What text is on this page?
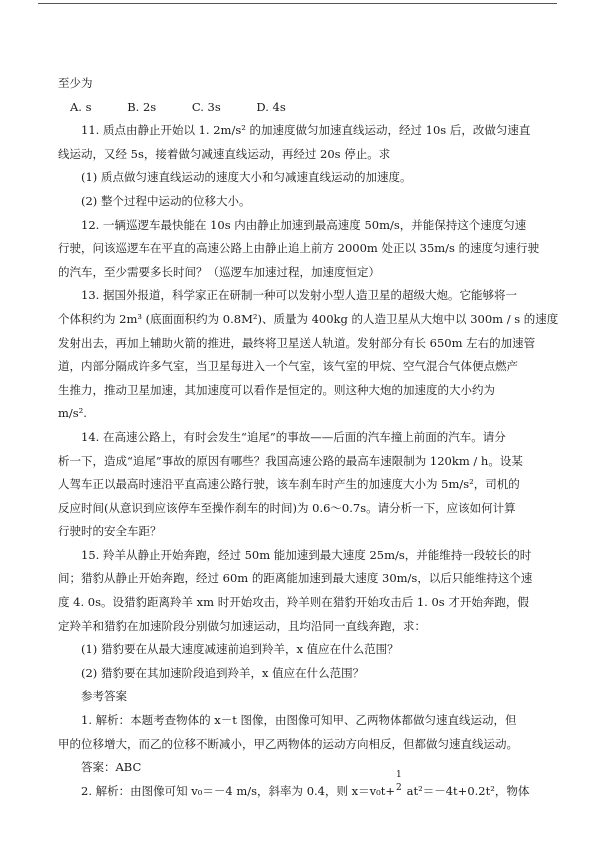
至少为
A. s	B. 2s	C. 3s	D. 4s
11. 质点由静止开始以 1. 2m/s² 的加速度做匀加速直线运动，经过 10s 后，改做匀速直
线运动，又经 5s，接着做匀减速直线运动，再经过 20s 停止。求
(1) 质点做匀速直线运动的速度大小和匀减速直线运动的加速度。
(2) 整个过程中运动的位移大小。
12. 一辆巡逻车最快能在 10s 内由静止加速到最高速度 50m/s，并能保持这个速度匀速
行驶，问该巡逻车在平直的高速公路上由静止追上前方 2000m 处正以 35m/s 的速度匀速行驶
的汽车，至少需要多长时间？（巡逻车加速过程，加速度恒定）
13. 据国外报道，科学家正在研制一种可以发射小型人造卫星的超级大炮。它能够将一
个体积约为 2m³ (底面面积约为 0.8M²)、质量为 400kg 的人造卫星从大炮中以 300m / s 的速度
发射出去，再加上辅助火箭的推进，最终将卫星送人轨道。发射部分有长 650m 左右的加速管
道，内部分隔成许多气室，当卫星每进入一个气室，该气室的甲烷、空气混合气体便点燃产
生推力，推动卫星加速，其加速度可以看作是恒定的。则这种大炮的加速度的大小约为
m/s².
14. 在高速公路上，有时会发生“追尾”的事故——后面的汽车撞上前面的汽车。请分
析一下，造成“追尾”事故的原因有哪些？我国高速公路的最高车速限制为 120km / h。设某
人驾车正以最高时速沿平直高速公路行驶，该车刹车时产生的加速度大小为 5m/s²，司机的
反应时间(从意识到应该停车至操作刹车的时间)为 0.6～0.7s。请分析一下，应该如何计算
行驶时的安全车距？
15. 羚羊从静止开始奔跑，经过 50m 能加速到最大速度 25m/s，并能维持一段较长的时
间；猎豹从静止开始奔跑，经过 60m 的距离能加速到最大速度 30m/s，以后只能维持这个速
度 4. 0s。设猎豹距离羚羊 xm 时开始攻击，羚羊则在猎豹开始攻击后 1. 0s 才开始奔跑，假
定羚羊和猎豹在加速阶段分别做匀加速运动，且均沿同一直线奔跑，求：
(1) 猎豹要在从最大速度减速前追到羚羊，x 值应在什么范围？
(2) 猎豹要在其加速阶段追到羚羊，x 值应在什么范围？
参考答案
1. 解析：本题考查物体的 x－t 图像，由图像可知甲、乙两物体都做匀速直线运动，但
甲的位移增大，而乙的位移不断减小，甲乙两物体的运动方向相反，但都做匀速直线运动。
答案：ABC
2. 解析：由图像可知 v₀＝－4 m/s，斜率为 0.4，则 x＝v₀t+
1
2 at²＝－4t+0.2t²，物体
